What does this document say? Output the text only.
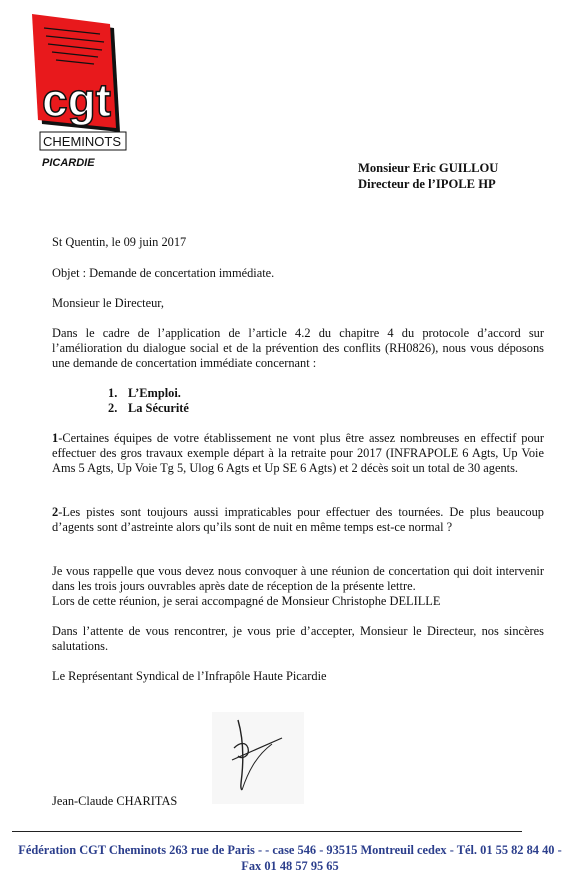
cgt
CHEMINOTS
PICARDIE	Monsieur Eric GUILLOU
Directeur de l’IPOLE HP
St Quentin, le 09 juin 2017
Objet : Demande de concertation immédiate.
Monsieur le Directeur,
Dans le cadre de l’application de l’article 4.2 du chapitre 4 du protocole d’accord sur l’amélioration du dialogue social et de la prévention des conflits (RH0826), nous vous déposons une demande de concertation immédiate concernant :
1. L’Emploi.
2. La Sécurité
1-Certaines équipes de votre établissement ne vont plus être assez nombreuses en effectif pour effectuer des gros travaux exemple départ à la retraite pour 2017 (INFRAPOLE 6 Agts, Up Voie Ams 5 Agts, Up Voie Tg 5, Ulog 6 Agts et Up SE 6 Agts) et 2 décès soit un total de 30 agents.
2-Les pistes sont toujours aussi impraticables pour effectuer des tournées. De plus beaucoup d’agents sont d’astreinte alors qu’ils sont de nuit en même temps est-ce normal ?
Je vous rappelle que vous devez nous convoquer à une réunion de concertation qui doit intervenir dans les trois jours ouvrables après date de réception de la présente lettre.
Lors de cette réunion, je serai accompagné de Monsieur Christophe DELILLE
Dans l’attente de vous rencontrer, je vous prie d’accepter, Monsieur le Directeur, nos sincères salutations.
Le Représentant Syndical de l’Infrapôle Haute Picardie
Jean-Claude CHARITAS
Fédération CGT Cheminots 263 rue de Paris - - case 546 - 93515 Montreuil cedex - Tél. 01 55 82 84 40 -
Fax 01 48 57 95 65
